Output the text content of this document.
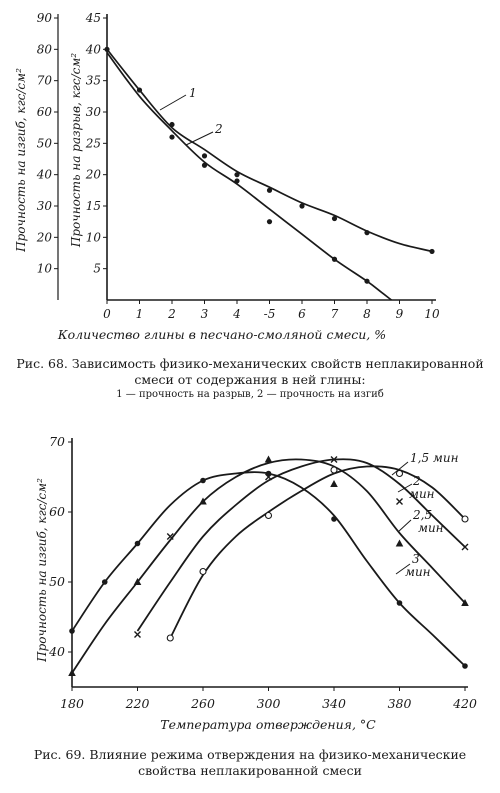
10
20
30
40
50
60
70
80
90
5
10
15
20
25
30
35
40
45
0 1 2 3 4 -5 6 7 8 9 10
Прочность на изгиб, кгс/см²	Прочность на разрыв, кгс/см²
Количество глины в песчано-смоляной смеси, %
1
2
Рис. 68. Зависимость физико-механических свойств неплакированной смеси от содержания в ней глины:
1 — прочность на разрыв, 2 — прочность на изгиб
40
50
60
70
180	220	260	300	340	380	420
Прочность на изгиб, кгс/см²
Температура отверждения, °С
1,5 мин
2
мин
2,5
мин
3
мин
Рис. 69. Влияние режима отверждения на физико-механические свойства неплакированной смеси
